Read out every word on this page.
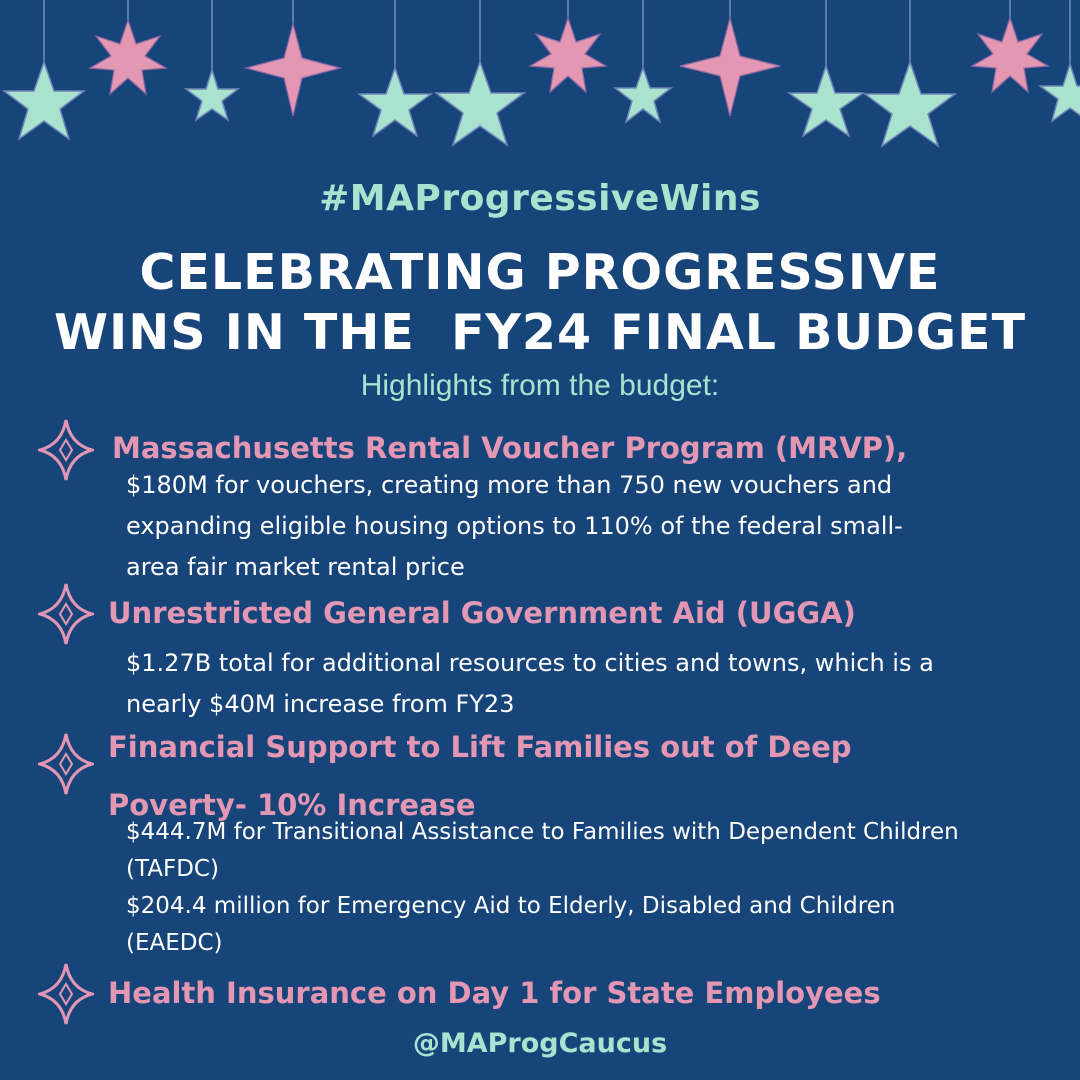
#MAProgressiveWins
CELEBRATING PROGRESSIVE
WINS IN THE  FY24 FINAL BUDGET
Highlights from the budget:
Massachusetts Rental Voucher Program (MRVP),
$180M for vouchers, creating more than 750 new vouchers and
expanding eligible housing options to 110% of the federal small-
area fair market rental price
Unrestricted General Government Aid (UGGA)
$1.27B total for additional resources to cities and towns, which is a
nearly $40M increase from FY23
Financial Support to Lift Families out of Deep
Poverty- 10% Increase
$444.7M for Transitional Assistance to Families with Dependent Children
(TAFDC)
$204.4 million for Emergency Aid to Elderly, Disabled and Children
(EAEDC)
Health Insurance on Day 1 for State Employees
@MAProgCaucus
